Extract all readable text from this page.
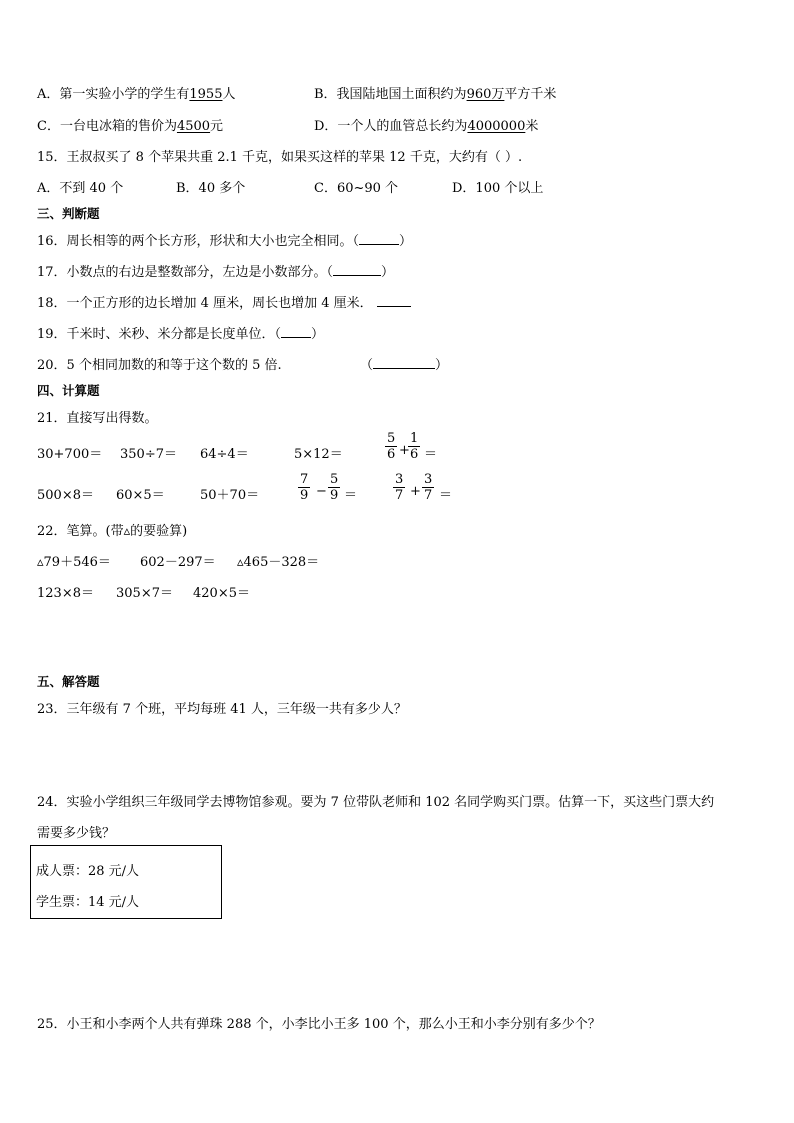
A．第一实验小学的学生有1955人	B．我国陆地国土面积约为960万平方千米
C．一台电冰箱的售价为4500元	D．一个人的血管总长约为4000000米
15．王叔叔买了 8 个苹果共重 2.1 千克，如果买这样的苹果 12 千克，大约有（ ）.
A．不到 40 个	B．40 多个	C．60~90 个	D．100 个以上
三、判断题
16．周长相等的两个长方形，形状和大小也完全相同。（	）
17．小数点的右边是整数部分，左边是小数部分。（	）
18．一个正方形的边长增加 4 厘米，周长也增加 4 厘米．
19．千米时、米秒、米分都是长度单位．（ ）
20．5 个相同加数的和等于这个数的 5 倍.	（	）
四、计算题
21．直接写出得数。
30+700＝ 350÷7＝ 64÷4＝	5×12＝
5
6 +
1
6 ＝
500×8＝ 60×5＝	50＋70＝
7
9 −
5
9 ＝
3
7 +
3
7 ＝
22．笔算。(带▵的要验算)
▵79＋546＝ 602－297＝ ▵465－328＝
123×8＝ 305×7＝ 420×5＝
五、解答题
23．三年级有 7 个班，平均每班 41 人，三年级一共有多少人？
24．实验小学组织三年级同学去博物馆参观。要为 7 位带队老师和 102 名同学购买门票。估算一下，买这些门票大约
需要多少钱？
成人票：28 元/人
学生票：14 元/人
25．小王和小李两个人共有弹珠 288 个，小李比小王多 100 个，那么小王和小李分别有多少个？
